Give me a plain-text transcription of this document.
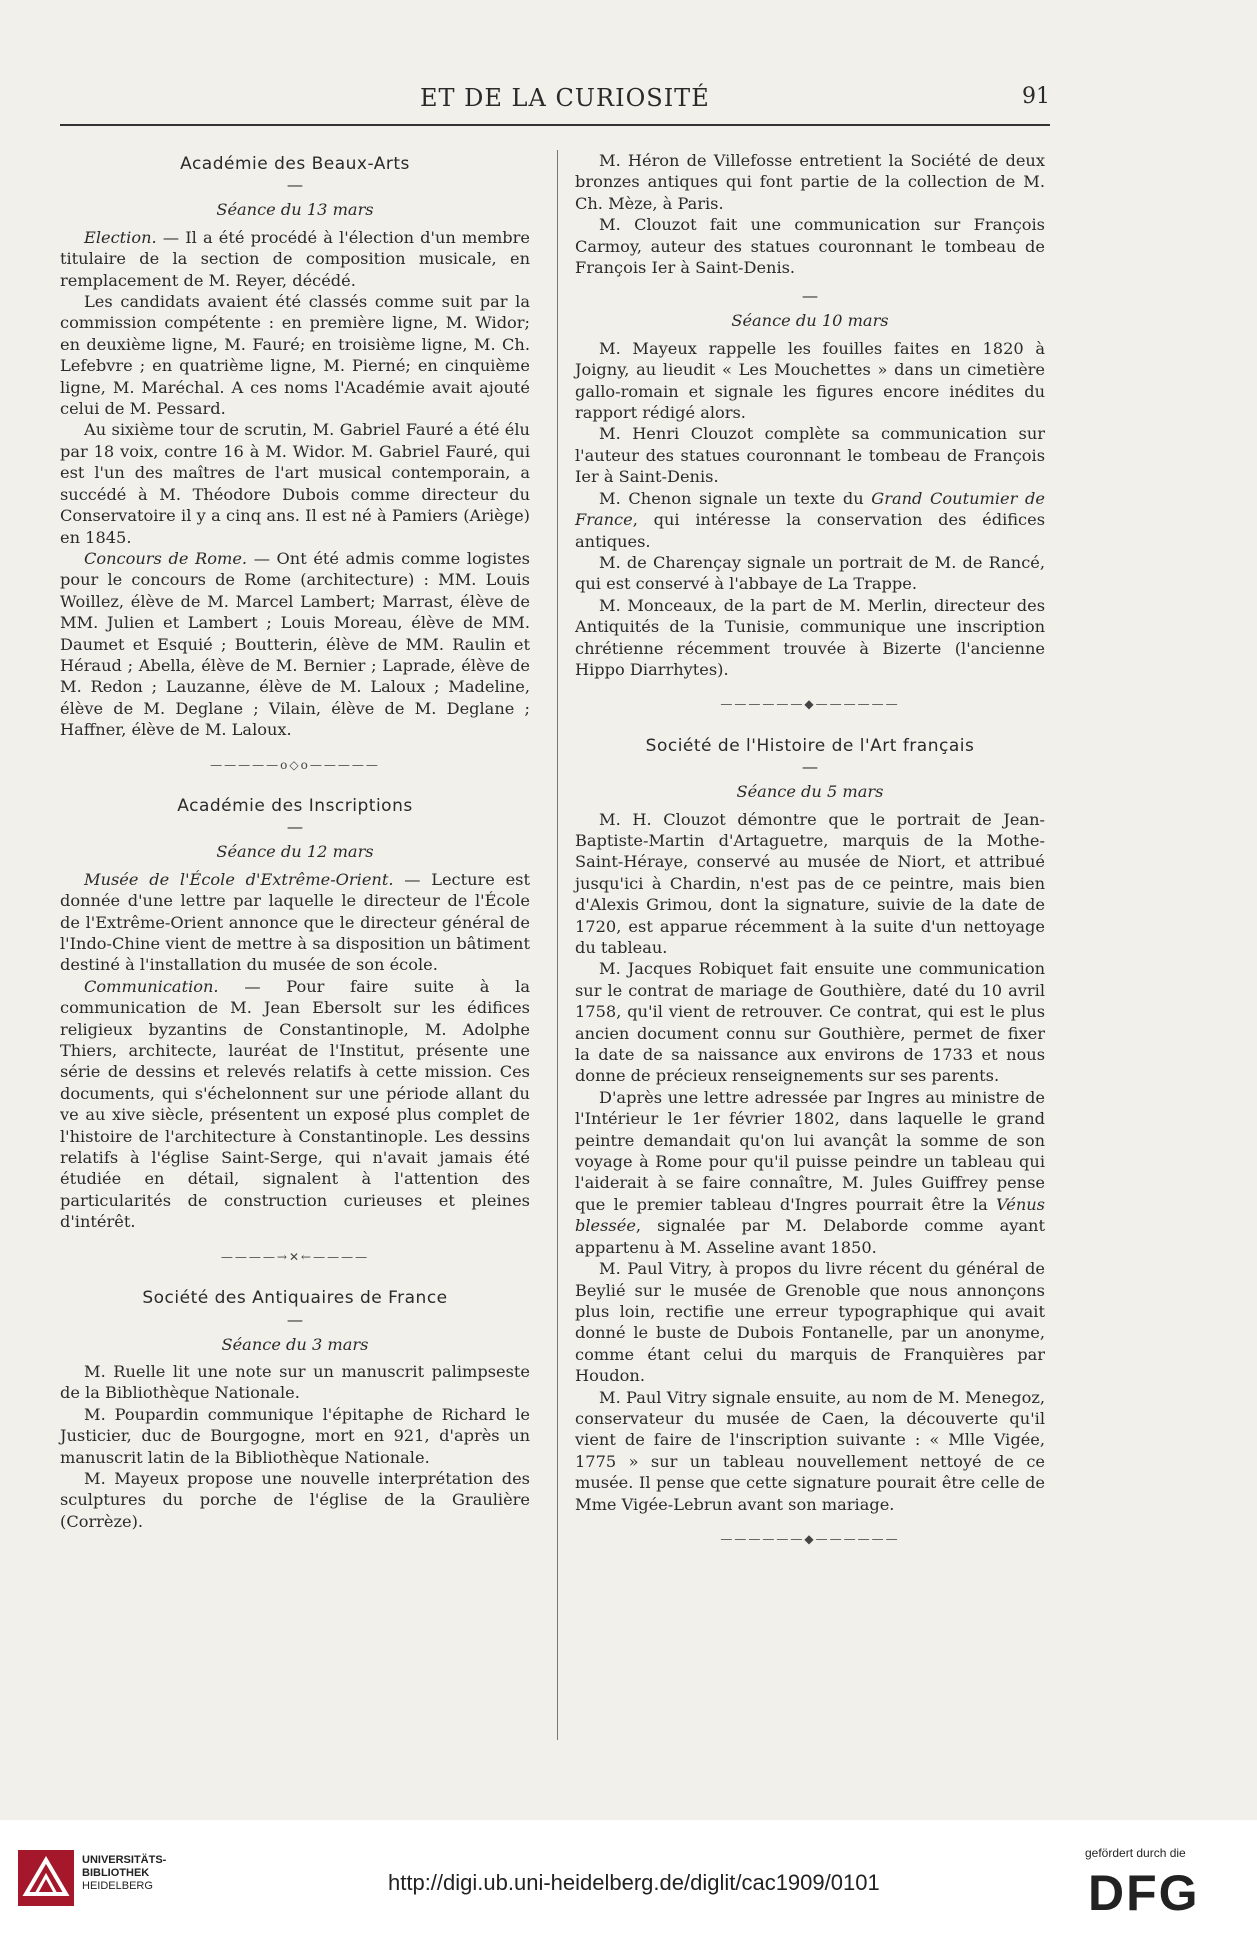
ET DE LA CURIOSITÉ	91
Académie des Beaux-Arts
—
Séance du 13 mars

Election. — Il a été procédé à l'élection d'un membre titulaire de la section de composition musicale, en remplacement de M. Reyer, décédé.

Les candidats avaient été classés comme suit par la commission compétente : en première ligne, M. Widor; en deuxième ligne, M. Fauré; en troisième ligne, M. Ch. Lefebvre ; en quatrième ligne, M. Pierné; en cinquième ligne, M. Maréchal. A ces noms l'Académie avait ajouté celui de M. Pessard.

Au sixième tour de scrutin, M. Gabriel Fauré a été élu par 18 voix, contre 16 à M. Widor. M. Gabriel Fauré, qui est l'un des maîtres de l'art musical contemporain, a succédé à M. Théodore Dubois comme directeur du Conservatoire il y a cinq ans. Il est né à Pamiers (Ariège) en 1845.

Concours de Rome. — Ont été admis comme logistes pour le concours de Rome (architecture) : MM. Louis Woillez, élève de M. Marcel Lambert; Marrast, élève de MM. Julien et Lambert ; Louis Moreau, élève de MM. Daumet et Esquié ; Boutterin, élève de MM. Raulin et Héraud ; Abella, élève de M. Bernier ; Laprade, élève de M. Redon ; Lauzanne, élève de M. Laloux ; Madeline, élève de M. Deglane ; Vilain, élève de M. Deglane ; Haffner, élève de M. Laloux.

—————o◇o—————
Académie des Inscriptions
—
Séance du 12 mars

Musée de l'École d'Extrême-Orient. — Lecture est donnée d'une lettre par laquelle le directeur de l'École de l'Extrême-Orient annonce que le directeur général de l'Indo-Chine vient de mettre à sa disposition un bâtiment destiné à l'installation du musée de son école.

Communication. — Pour faire suite à la communication de M. Jean Ebersolt sur les édifices religieux byzantins de Constantinople, M. Adolphe Thiers, architecte, lauréat de l'Institut, présente une série de dessins et relevés relatifs à cette mission. Ces documents, qui s'échelonnent sur une période allant du ve au xive siècle, présentent un exposé plus complet de l'histoire de l'architecture à Constantinople. Les dessins relatifs à l'église Saint-Serge, qui n'avait jamais été étudiée en détail, signalent à l'attention des particularités de construction curieuses et pleines d'intérêt.

————→✕←————
Société des Antiquaires de France
—
Séance du 3 mars

M. Ruelle lit une note sur un manuscrit palimpseste de la Bibliothèque Nationale.

M. Poupardin communique l'épitaphe de Richard le Justicier, duc de Bourgogne, mort en 921, d'après un manuscrit latin de la Bibliothèque Nationale.

M. Mayeux propose une nouvelle interprétation des sculptures du porche de l'église de la Graulière (Corrèze).

M. Héron de Villefosse entretient la Société de deux bronzes antiques qui font partie de la collection de M. Ch. Mèze, à Paris.

M. Clouzot fait une communication sur François Carmoy, auteur des statues couronnant le tombeau de François Ier à Saint-Denis.

—
Séance du 10 mars

M. Mayeux rappelle les fouilles faites en 1820 à Joigny, au lieudit « Les Mouchettes » dans un cimetière gallo-romain et signale les figures encore inédites du rapport rédigé alors.

M. Henri Clouzot complète sa communication sur l'auteur des statues couronnant le tombeau de François Ier à Saint-Denis.

M. Chenon signale un texte du Grand Coutumier de France, qui intéresse la conservation des édifices antiques.

M. de Charençay signale un portrait de M. de Rancé, qui est conservé à l'abbaye de La Trappe.

M. Monceaux, de la part de M. Merlin, directeur des Antiquités de la Tunisie, communique une inscription chrétienne récemment trouvée à Bizerte (l'ancienne Hippo Diarrhytes).

——————◆——————
Société de l'Histoire de l'Art français
—
Séance du 5 mars

M. H. Clouzot démontre que le portrait de Jean-Baptiste-Martin d'Artaguetre, marquis de la Mothe-Saint-Héraye, conservé au musée de Niort, et attribué jusqu'ici à Chardin, n'est pas de ce peintre, mais bien d'Alexis Grimou, dont la signature, suivie de la date de 1720, est apparue récemment à la suite d'un nettoyage du tableau.

M. Jacques Robiquet fait ensuite une communication sur le contrat de mariage de Gouthière, daté du 10 avril 1758, qu'il vient de retrouver. Ce contrat, qui est le plus ancien document connu sur Gouthière, permet de fixer la date de sa naissance aux environs de 1733 et nous donne de précieux renseignements sur ses parents.

D'après une lettre adressée par Ingres au ministre de l'Intérieur le 1er février 1802, dans laquelle le grand peintre demandait qu'on lui avançât la somme de son voyage à Rome pour qu'il puisse peindre un tableau qui l'aiderait à se faire connaître, M. Jules Guiffrey pense que le premier tableau d'Ingres pourrait être la Vénus blessée, signalée par M. Delaborde comme ayant appartenu à M. Asseline avant 1850.

M. Paul Vitry, à propos du livre récent du général de Beylié sur le musée de Grenoble que nous annonçons plus loin, rectifie une erreur typographique qui avait donné le buste de Dubois Fontanelle, par un anonyme, comme étant celui du marquis de Franquières par Houdon.

M. Paul Vitry signale ensuite, au nom de M. Menegoz, conservateur du musée de Caen, la découverte qu'il vient de faire de l'inscription suivante : « Mlle Vigée, 1775 » sur un tableau nouvellement nettoyé de ce musée. Il pense que cette signature pourait être celle de Mme Vigée-Lebrun avant son mariage.

——————◆——————
UNIVERSITÄTS-
BIBLIOTHEK
HEIDELBERG	http://digi.ub.uni-heidelberg.de/diglit/cac1909/0101
gefördert durch die
DFG
